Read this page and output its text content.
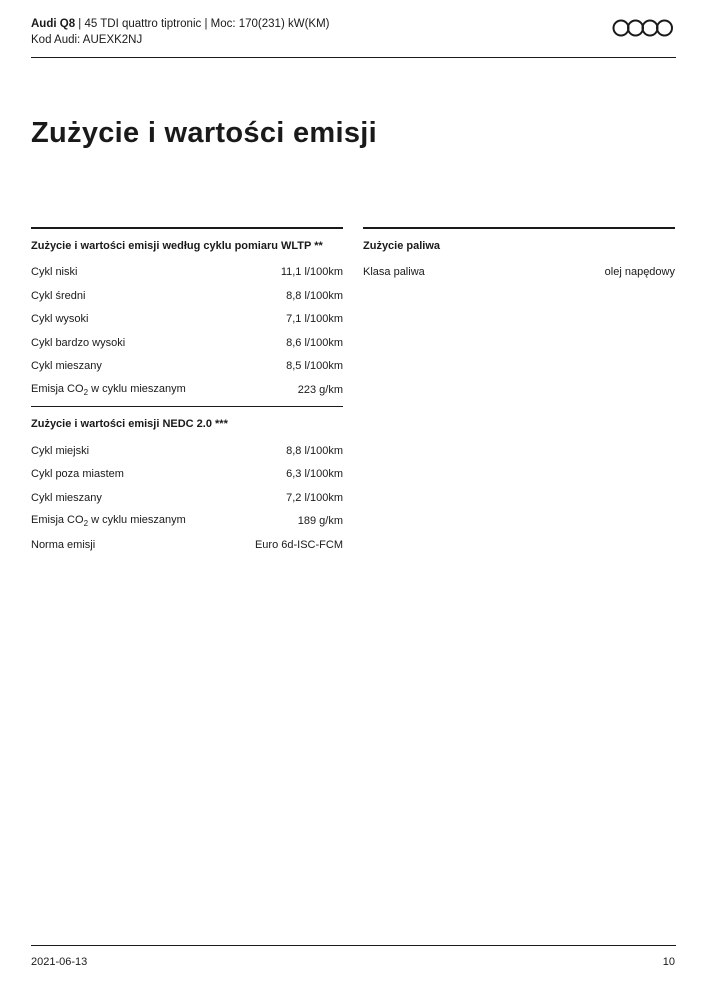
Audi Q8 | 45 TDI quattro tiptronic | Moc: 170(231) kW(KM)
Kod Audi: AUEXK2NJ
Zużycie i wartości emisji
Zużycie i wartości emisji według cyklu pomiaru WLTP **
Cykl niski	11,1 l/100km
Cykl średni	8,8 l/100km
Cykl wysoki	7,1 l/100km
Cykl bardzo wysoki	8,6 l/100km
Cykl mieszany	8,5 l/100km
Emisja $CO_2$ w cyklu mieszanym	223 g/km
Zużycie i wartości emisji NEDC 2.0 ***
Cykl miejski	8,8 l/100km
Cykl poza miastem	6,3 l/100km
Cykl mieszany	7,2 l/100km
Emisja $CO_2$ w cyklu mieszanym	189 g/km
Norma emisji	Euro 6d-ISC-FCM
Zużycie paliwa
Klasa paliwa	olej napędowy
2021-06-13	10
